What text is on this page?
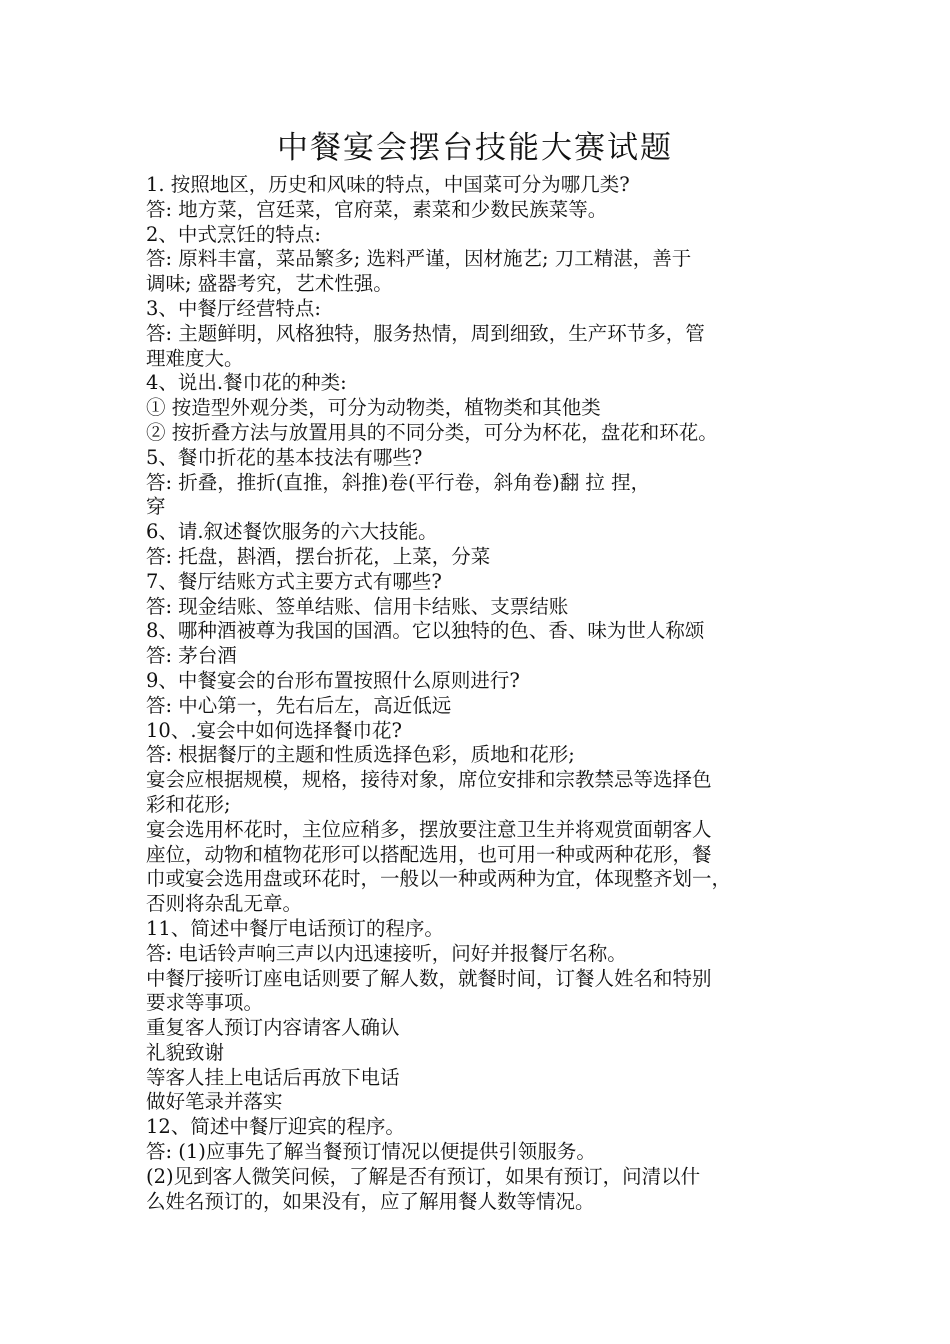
中餐宴会摆台技能大赛试题
1. 按照地区，历史和风味的特点，中国菜可分为哪几类?
答: 地方菜，宫廷菜，官府菜，素菜和少数民族菜等。
2、中式烹饪的特点:
答: 原料丰富，菜品繁多; 选料严谨，因材施艺; 刀工精湛，善于
调味; 盛器考究，艺术性强。
3、中餐厅经营特点:
答: 主题鲜明，风格独特，服务热情，周到细致，生产环节多，管
理难度大。
4、说出.餐巾花的种类:
① 按造型外观分类，可分为动物类，植物类和其他类
② 按折叠方法与放置用具的不同分类，可分为杯花，盘花和环花。
5、餐巾折花的基本技法有哪些?
答: 折叠，推折(直推，斜推)卷(平行卷，斜角卷)翻 拉 捏，
穿
6、请.叙述餐饮服务的六大技能。
答: 托盘，斟酒，摆台折花，上菜，分菜
7、餐厅结账方式主要方式有哪些?
答: 现金结账、签单结账、信用卡结账、支票结账
8、哪种酒被尊为我国的国酒。它以独特的色、香、味为世人称颂
答: 茅台酒
9、中餐宴会的台形布置按照什么原则进行?
答: 中心第一，先右后左，高近低远
10、.宴会中如何选择餐巾花?
答: 根据餐厅的主题和性质选择色彩，质地和花形;
宴会应根据规模，规格，接待对象，席位安排和宗教禁忌等选择色
彩和花形;
宴会选用杯花时，主位应稍多，摆放要注意卫生并将观赏面朝客人
座位，动物和植物花形可以搭配选用，也可用一种或两种花形，餐
巾或宴会选用盘或环花时，一般以一种或两种为宜，体现整齐划一，
否则将杂乱无章。
11、简述中餐厅电话预订的程序。
答: 电话铃声响三声以内迅速接听，问好并报餐厅名称。
中餐厅接听订座电话则要了解人数，就餐时间，订餐人姓名和特别
要求等事项。
重复客人预订内容请客人确认
礼貌致谢
等客人挂上电话后再放下电话
做好笔录并落实
12、简述中餐厅迎宾的程序。
答: (1)应事先了解当餐预订情况以便提供引领服务。
(2)见到客人微笑问候，了解是否有预订，如果有预订，问清以什
么姓名预订的，如果没有，应了解用餐人数等情况。
